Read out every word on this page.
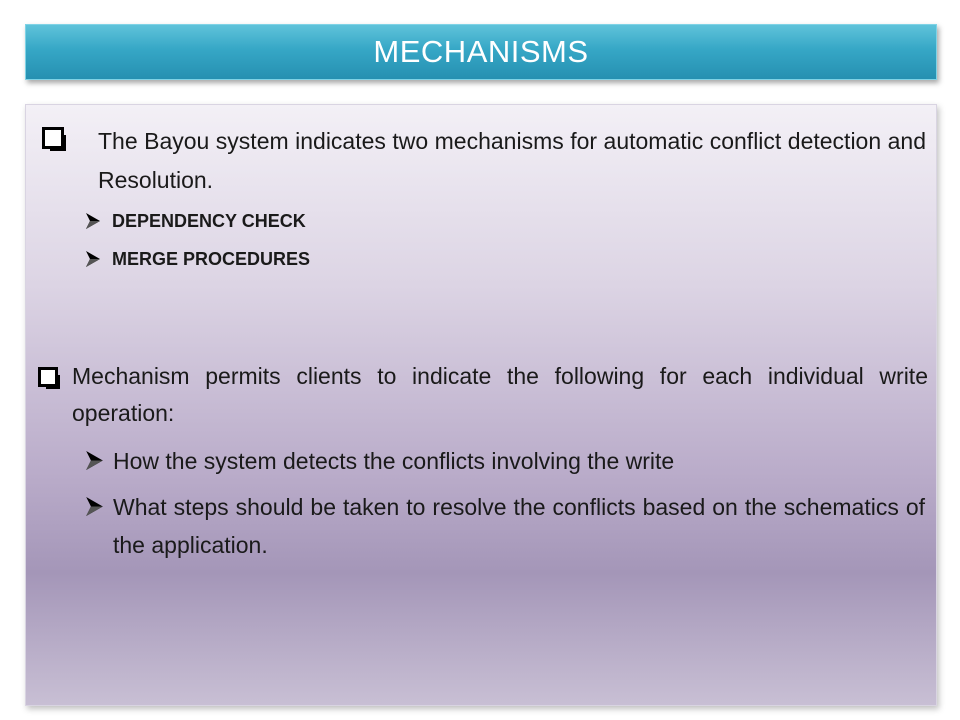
MECHANISMS
The Bayou system indicates two mechanisms for automatic conflict detection and Resolution.
DEPENDENCY CHECK
MERGE PROCEDURES
Mechanism permits clients to indicate the following for each individual write operation:
How the system detects the conflicts involving the write
What steps should be taken to resolve the conflicts based on the schematics of the application.
